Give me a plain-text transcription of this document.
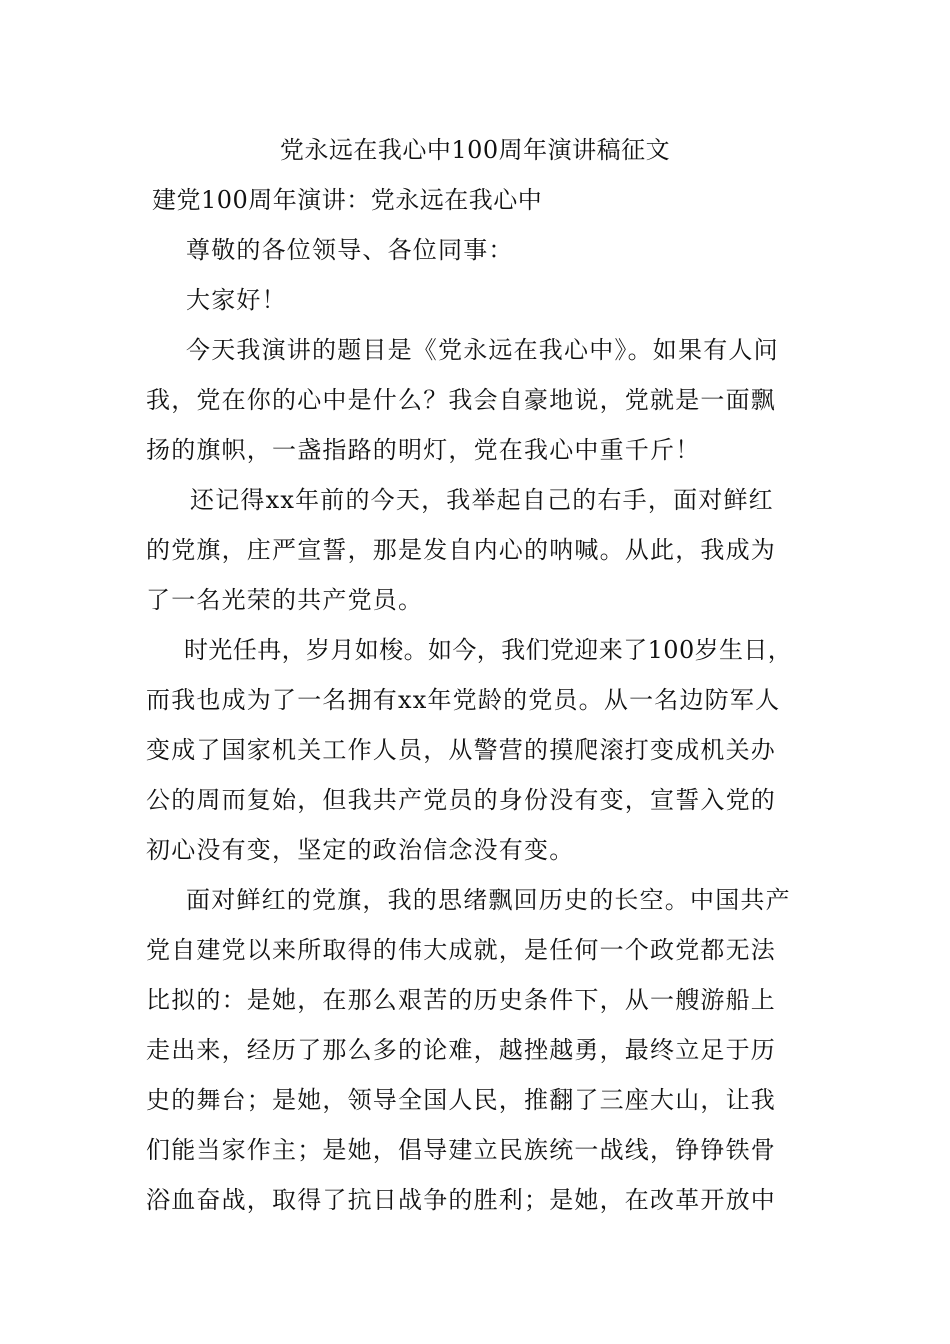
党永远在我心中100周年演讲稿征文
建党100周年演讲：党永远在我心中
尊敬的各位领导、各位同事：
大家好！
今天我演讲的题目是《党永远在我心中》。如果有人问
我，党在你的心中是什么？我会自豪地说，党就是一面飘
扬的旗帜，一盏指路的明灯，党在我心中重千斤！
还记得xx年前的今天，我举起自己的右手，面对鲜红
的党旗，庄严宣誓，那是发自内心的呐喊。从此，我成为
了一名光荣的共产党员。
时光任冉，岁月如梭。如今，我们党迎来了100岁生日，
而我也成为了一名拥有xx年党龄的党员。从一名边防军人
变成了国家机关工作人员，从警营的摸爬滚打变成机关办
公的周而复始，但我共产党员的身份没有变，宣誓入党的
初心没有变，坚定的政治信念没有变。
面对鲜红的党旗，我的思绪飘回历史的长空。中国共产
党自建党以来所取得的伟大成就，是任何一个政党都无法
比拟的：是她，在那么艰苦的历史条件下，从一艘游船上
走出来，经历了那么多的论难，越挫越勇，最终立足于历
史的舞台；是她，领导全国人民，推翻了三座大山，让我
们能当家作主；是她，倡导建立民族统一战线，铮铮铁骨
浴血奋战，取得了抗日战争的胜利；是她，在改革开放中
